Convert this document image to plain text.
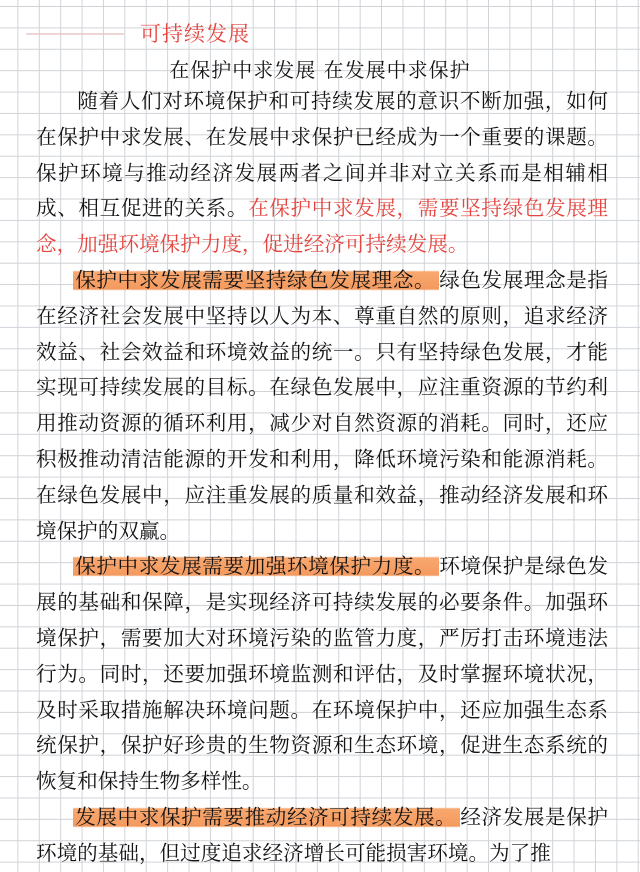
可持续发展
在保护中求发展 在发展中求保护

随着人们对环境保护和可持续发展的意识不断加强，如何在保护中求发展、在发展中求保护已经成为一个重要的课题。保护环境与推动经济发展两者之间并非对立关系而是相辅相成、相互促进的关系。在保护中求发展，需要坚持绿色发展理念，加强环境保护力度，促进经济可持续发展。

保护中求发展需要坚持绿色发展理念。 绿色发展理念是指在经济社会发展中坚持以人为本、尊重自然的原则，追求经济效益、社会效益和环境效益的统一。只有坚持绿色发展，才能实现可持续发展的目标。在绿色发展中，应注重资源的节约利用推动资源的循环利用，减少对自然资源的消耗。同时，还应积极推动清洁能源的开发和利用，降低环境污染和能源消耗。在绿色发展中，应注重发展的质量和效益，推动经济发展和环境保护的双赢。

保护中求发展需要加强环境保护力度。 环境保护是绿色发展的基础和保障，是实现经济可持续发展的必要条件。加强环境保护，需要加大对环境污染的监管力度，严厉打击环境违法行为。同时，还要加强环境监测和评估，及时掌握环境状况，及时采取措施解决环境问题。在环境保护中，还应加强生态系统保护，保护好珍贵的生物资源和生态环境，促进生态系统的恢复和保持生物多样性。

发展中求保护需要推动经济可持续发展。 经济发展是保护环境的基础，但过度追求经济增长可能损害环境。为了推
